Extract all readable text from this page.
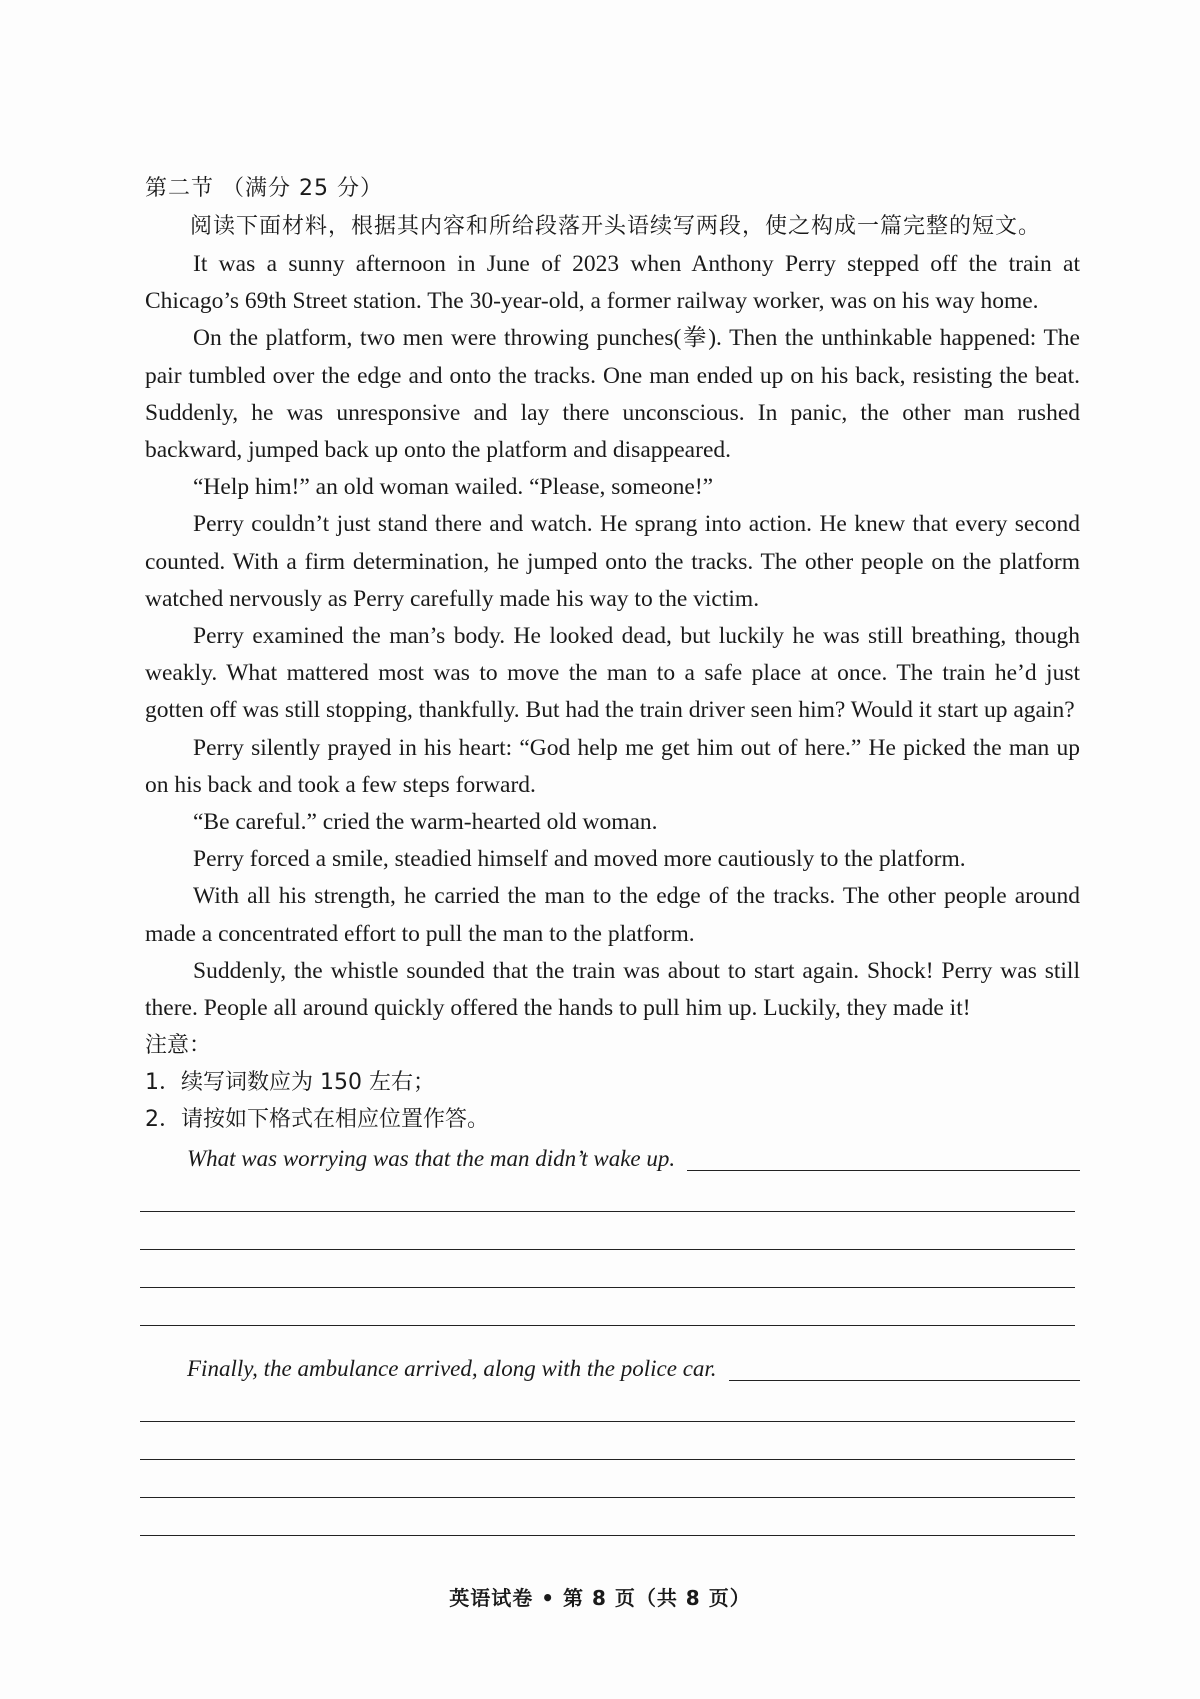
第二节 （满分 25 分）

阅读下面材料，根据其内容和所给段落开头语续写两段，使之构成一篇完整的短文。

It was a sunny afternoon in June of 2023 when Anthony Perry stepped off the train at Chicago’s 69th Street station. The 30-year-old, a former railway worker, was on his way home.

On the platform, two men were throwing punches(拳). Then the unthinkable happened: The pair tumbled over the edge and onto the tracks. One man ended up on his back, resisting the beat. Suddenly, he was unresponsive and lay there unconscious. In panic, the other man rushed backward, jumped back up onto the platform and disappeared.

“Help him!” an old woman wailed. “Please, someone!”

Perry couldn’t just stand there and watch. He sprang into action. He knew that every second counted. With a firm determination, he jumped onto the tracks. The other people on the platform watched nervously as Perry carefully made his way to the victim.

Perry examined the man’s body. He looked dead, but luckily he was still breathing, though weakly. What mattered most was to move the man to a safe place at once. The train he’d just gotten off was still stopping, thankfully. But had the train driver seen him? Would it start up again?

Perry silently prayed in his heart: “God help me get him out of here.” He picked the man up on his back and took a few steps forward.

“Be careful.” cried the warm-hearted old woman.

Perry forced a smile, steadied himself and moved more cautiously to the platform.

With all his strength, he carried the man to the edge of the tracks. The other people around made a concentrated effort to pull the man to the platform.

Suddenly, the whistle sounded that the train was about to start again. Shock! Perry was still there. People all around quickly offered the hands to pull him up. Luckily, they made it!

注意：

1．续写词数应为 150 左右；

2．请按如下格式在相应位置作答。

What was worrying was that the man didn’t wake up.
Finally, the ambulance arrived, along with the police car.
英语试卷 • 第 8 页（共 8 页）
